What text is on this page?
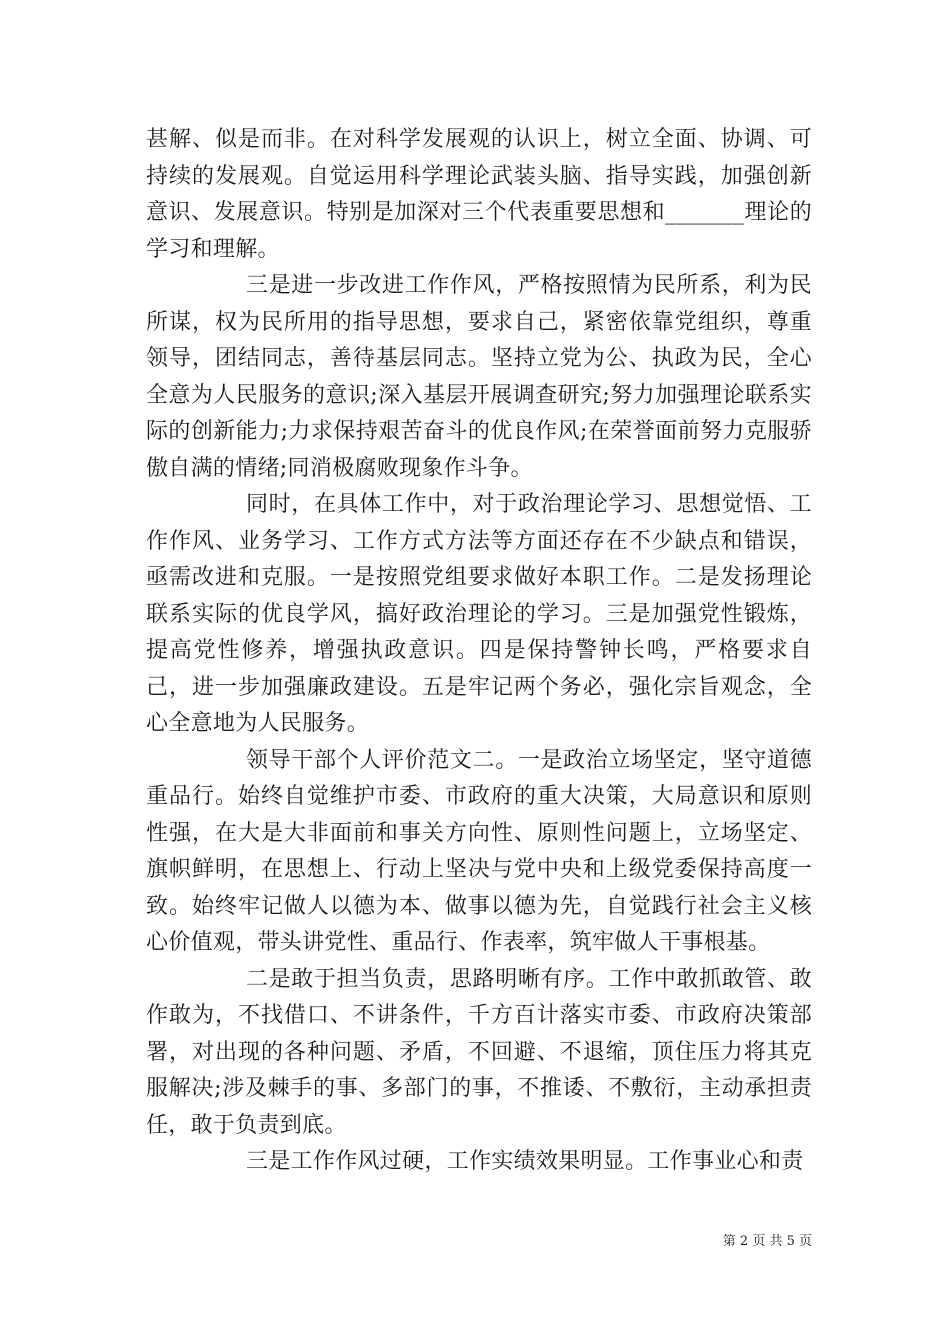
甚解、似是而非。在对科学发展观的认识上，树立全面、协调、可持续的发展观。自觉运用科学理论武装头脑、指导实践，加强创新意识、发展意识。特别是加深对三个代表重要思想和_______理论的学习和理解。

三是进一步改进工作作风，严格按照情为民所系，利为民所谋，权为民所用的指导思想，要求自己，紧密依靠党组织，尊重领导，团结同志，善待基层同志。坚持立党为公、执政为民，全心全意为人民服务的意识;深入基层开展调查研究;努力加强理论联系实际的创新能力;力求保持艰苦奋斗的优良作风;在荣誉面前努力克服骄傲自满的情绪;同消极腐败现象作斗争。

同时，在具体工作中，对于政治理论学习、思想觉悟、工作作风、业务学习、工作方式方法等方面还存在不少缺点和错误，亟需改进和克服。一是按照党组要求做好本职工作。二是发扬理论联系实际的优良学风，搞好政治理论的学习。三是加强党性锻炼，提高党性修养，增强执政意识。四是保持警钟长鸣，严格要求自己，进一步加强廉政建设。五是牢记两个务必，强化宗旨观念，全心全意地为人民服务。

领导干部个人评价范文二。一是政治立场坚定，坚守道德重品行。始终自觉维护市委、市政府的重大决策，大局意识和原则性强，在大是大非面前和事关方向性、原则性问题上，立场坚定、旗帜鲜明，在思想上、行动上坚决与党中央和上级党委保持高度一致。始终牢记做人以德为本、做事以德为先，自觉践行社会主义核心价值观，带头讲党性、重品行、作表率，筑牢做人干事根基。

二是敢于担当负责，思路明晰有序。工作中敢抓敢管、敢作敢为，不找借口、不讲条件，千方百计落实市委、市政府决策部署，对出现的各种问题、矛盾，不回避、不退缩，顶住压力将其克服解决;涉及棘手的事、多部门的事，不推诿、不敷衍，主动承担责任，敢于负责到底。

三是工作作风过硬，工作实绩效果明显。工作事业心和责

第 2 页 共 5 页
